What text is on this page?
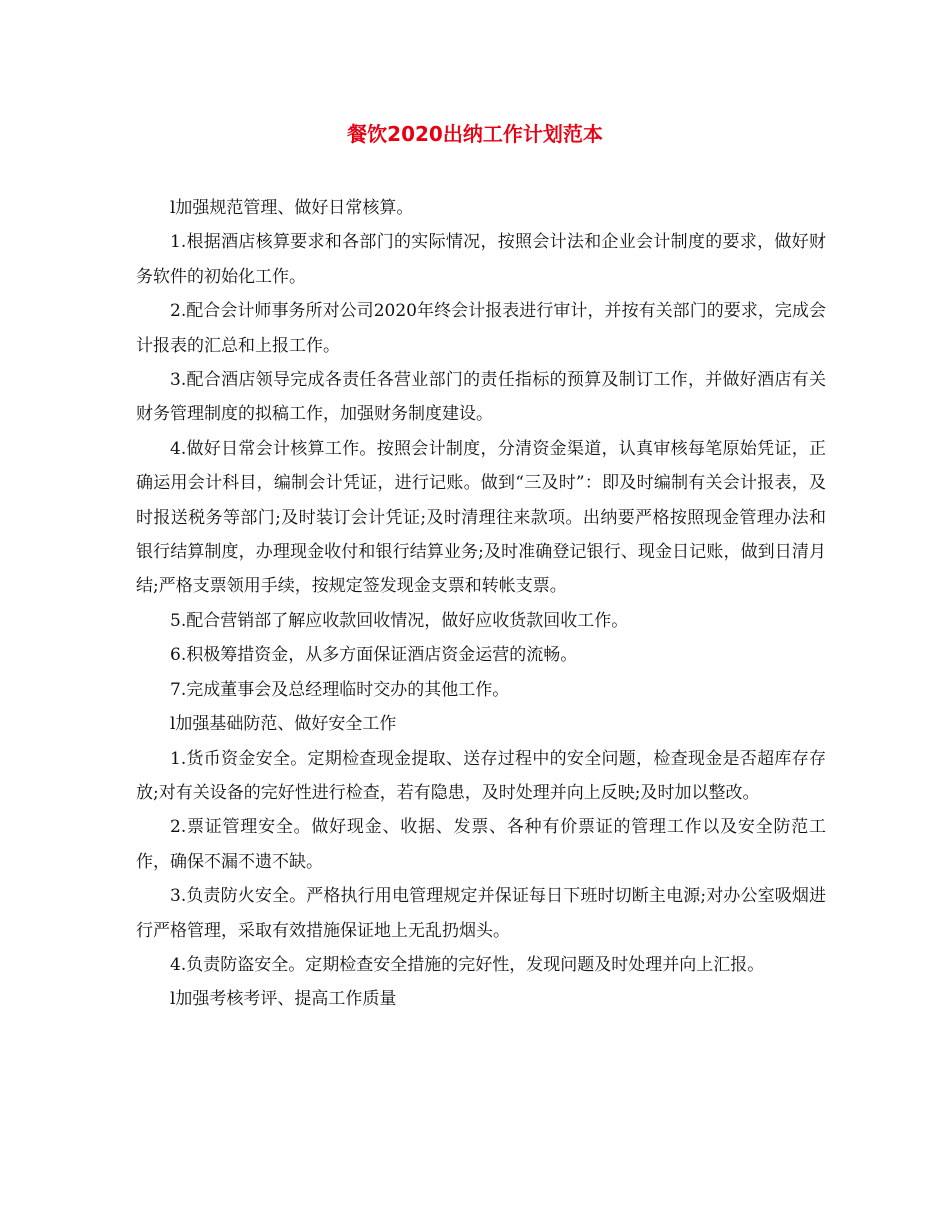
餐饮2020出纳工作计划范本

l加强规范管理、做好日常核算。

1.根据酒店核算要求和各部门的实际情况，按照会计法和企业会计制度的要求，做好财务软件的初始化工作。

2.配合会计师事务所对公司2020年终会计报表进行审计，并按有关部门的要求，完成会计报表的汇总和上报工作。

3.配合酒店领导完成各责任各营业部门的责任指标的预算及制订工作，并做好酒店有关财务管理制度的拟稿工作，加强财务制度建设。

4.做好日常会计核算工作。按照会计制度，分清资金渠道，认真审核每笔原始凭证，正确运用会计科目，编制会计凭证，进行记账。做到“三及时”：即及时编制有关会计报表，及时报送税务等部门;及时装订会计凭证;及时清理往来款项。出纳要严格按照现金管理办法和银行结算制度，办理现金收付和银行结算业务;及时准确登记银行、现金日记账，做到日清月结;严格支票领用手续，按规定签发现金支票和转帐支票。

5.配合营销部了解应收款回收情况，做好应收货款回收工作。

6.积极筹措资金，从多方面保证酒店资金运营的流畅。

7.完成董事会及总经理临时交办的其他工作。

l加强基础防范、做好安全工作

1.货币资金安全。定期检查现金提取、送存过程中的安全问题，检查现金是否超库存存放;对有关设备的完好性进行检查，若有隐患，及时处理并向上反映;及时加以整改。

2.票证管理安全。做好现金、收据、发票、各种有价票证的管理工作以及安全防范工作，确保不漏不遗不缺。

3.负责防火安全。严格执行用电管理规定并保证每日下班时切断主电源;对办公室吸烟进行严格管理，采取有效措施保证地上无乱扔烟头。

4.负责防盗安全。定期检查安全措施的完好性，发现问题及时处理并向上汇报。

l加强考核考评、提高工作质量
